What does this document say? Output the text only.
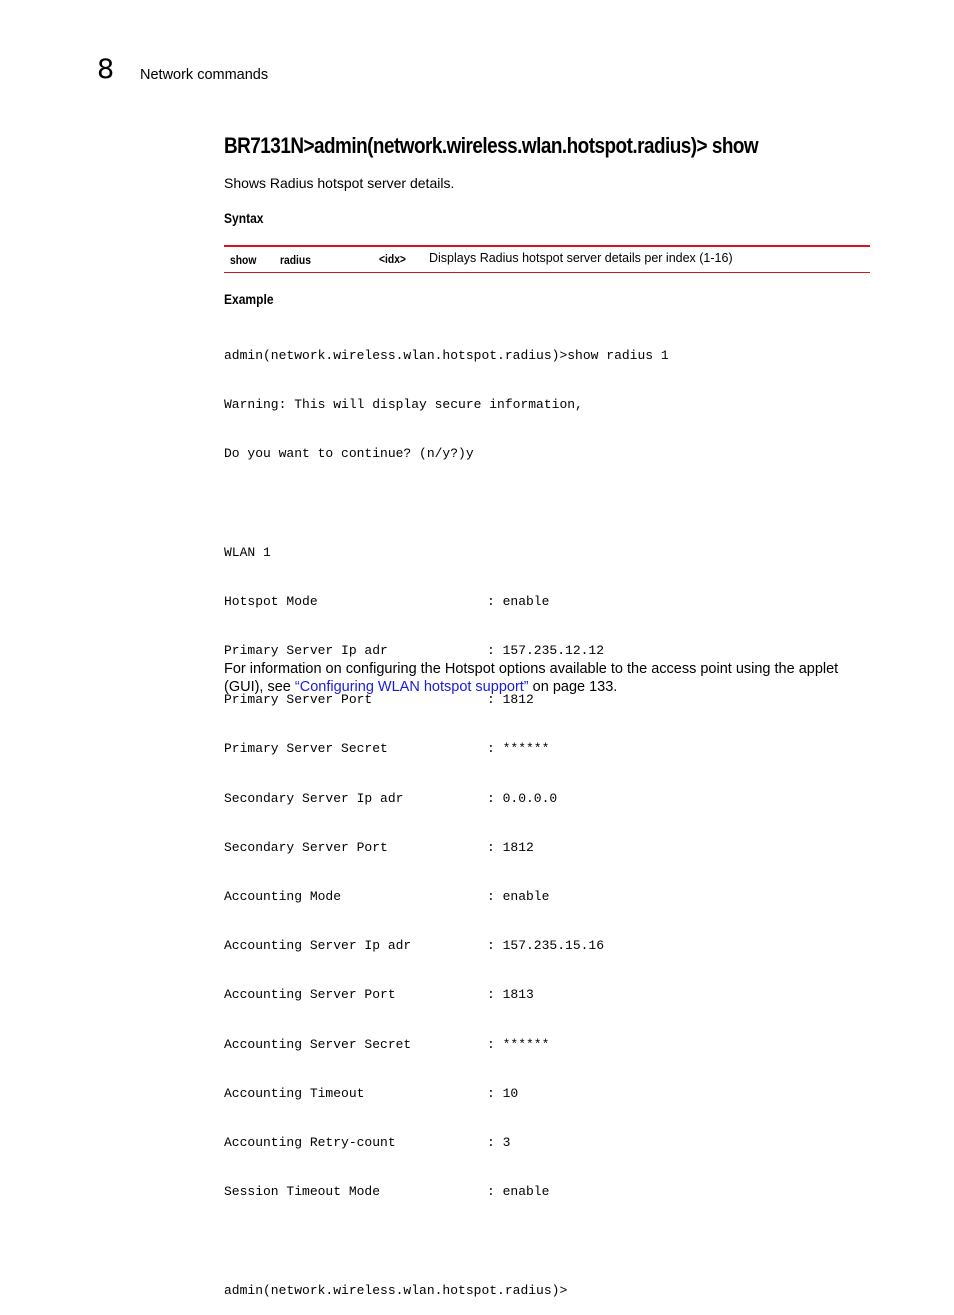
8 Network commands
BR7131N>admin(network.wireless.wlan.hotspot.radius)> show
Shows Radius hotspot server details.
Syntax
show radius	<idx> Displays Radius hotspot server details per index (1-16)
Example

admin(network.wireless.wlan.hotspot.radius)>show radius 1

Warning: This will display secure information,

Do you want to continue? (n/y?)y

WLAN 1

Hotspot Mode	: enable

Primary Server Ip adr	: 157.235.12.12

Primary Server Port	: 1812

Primary Server Secret	: ******

Secondary Server Ip adr	: 0.0.0.0

Secondary Server Port	: 1812

Accounting Mode	: enable

Accounting Server Ip adr	: 157.235.15.16

Accounting Server Port	: 1813

Accounting Server Secret	: ******

Accounting Timeout	: 10

Accounting Retry-count	: 3

Session Timeout Mode	: enable

admin(network.wireless.wlan.hotspot.radius)>

For information on configuring the Hotspot options available to the access point using the applet (GUI), see “Configuring WLAN hotspot support” on page 133.
